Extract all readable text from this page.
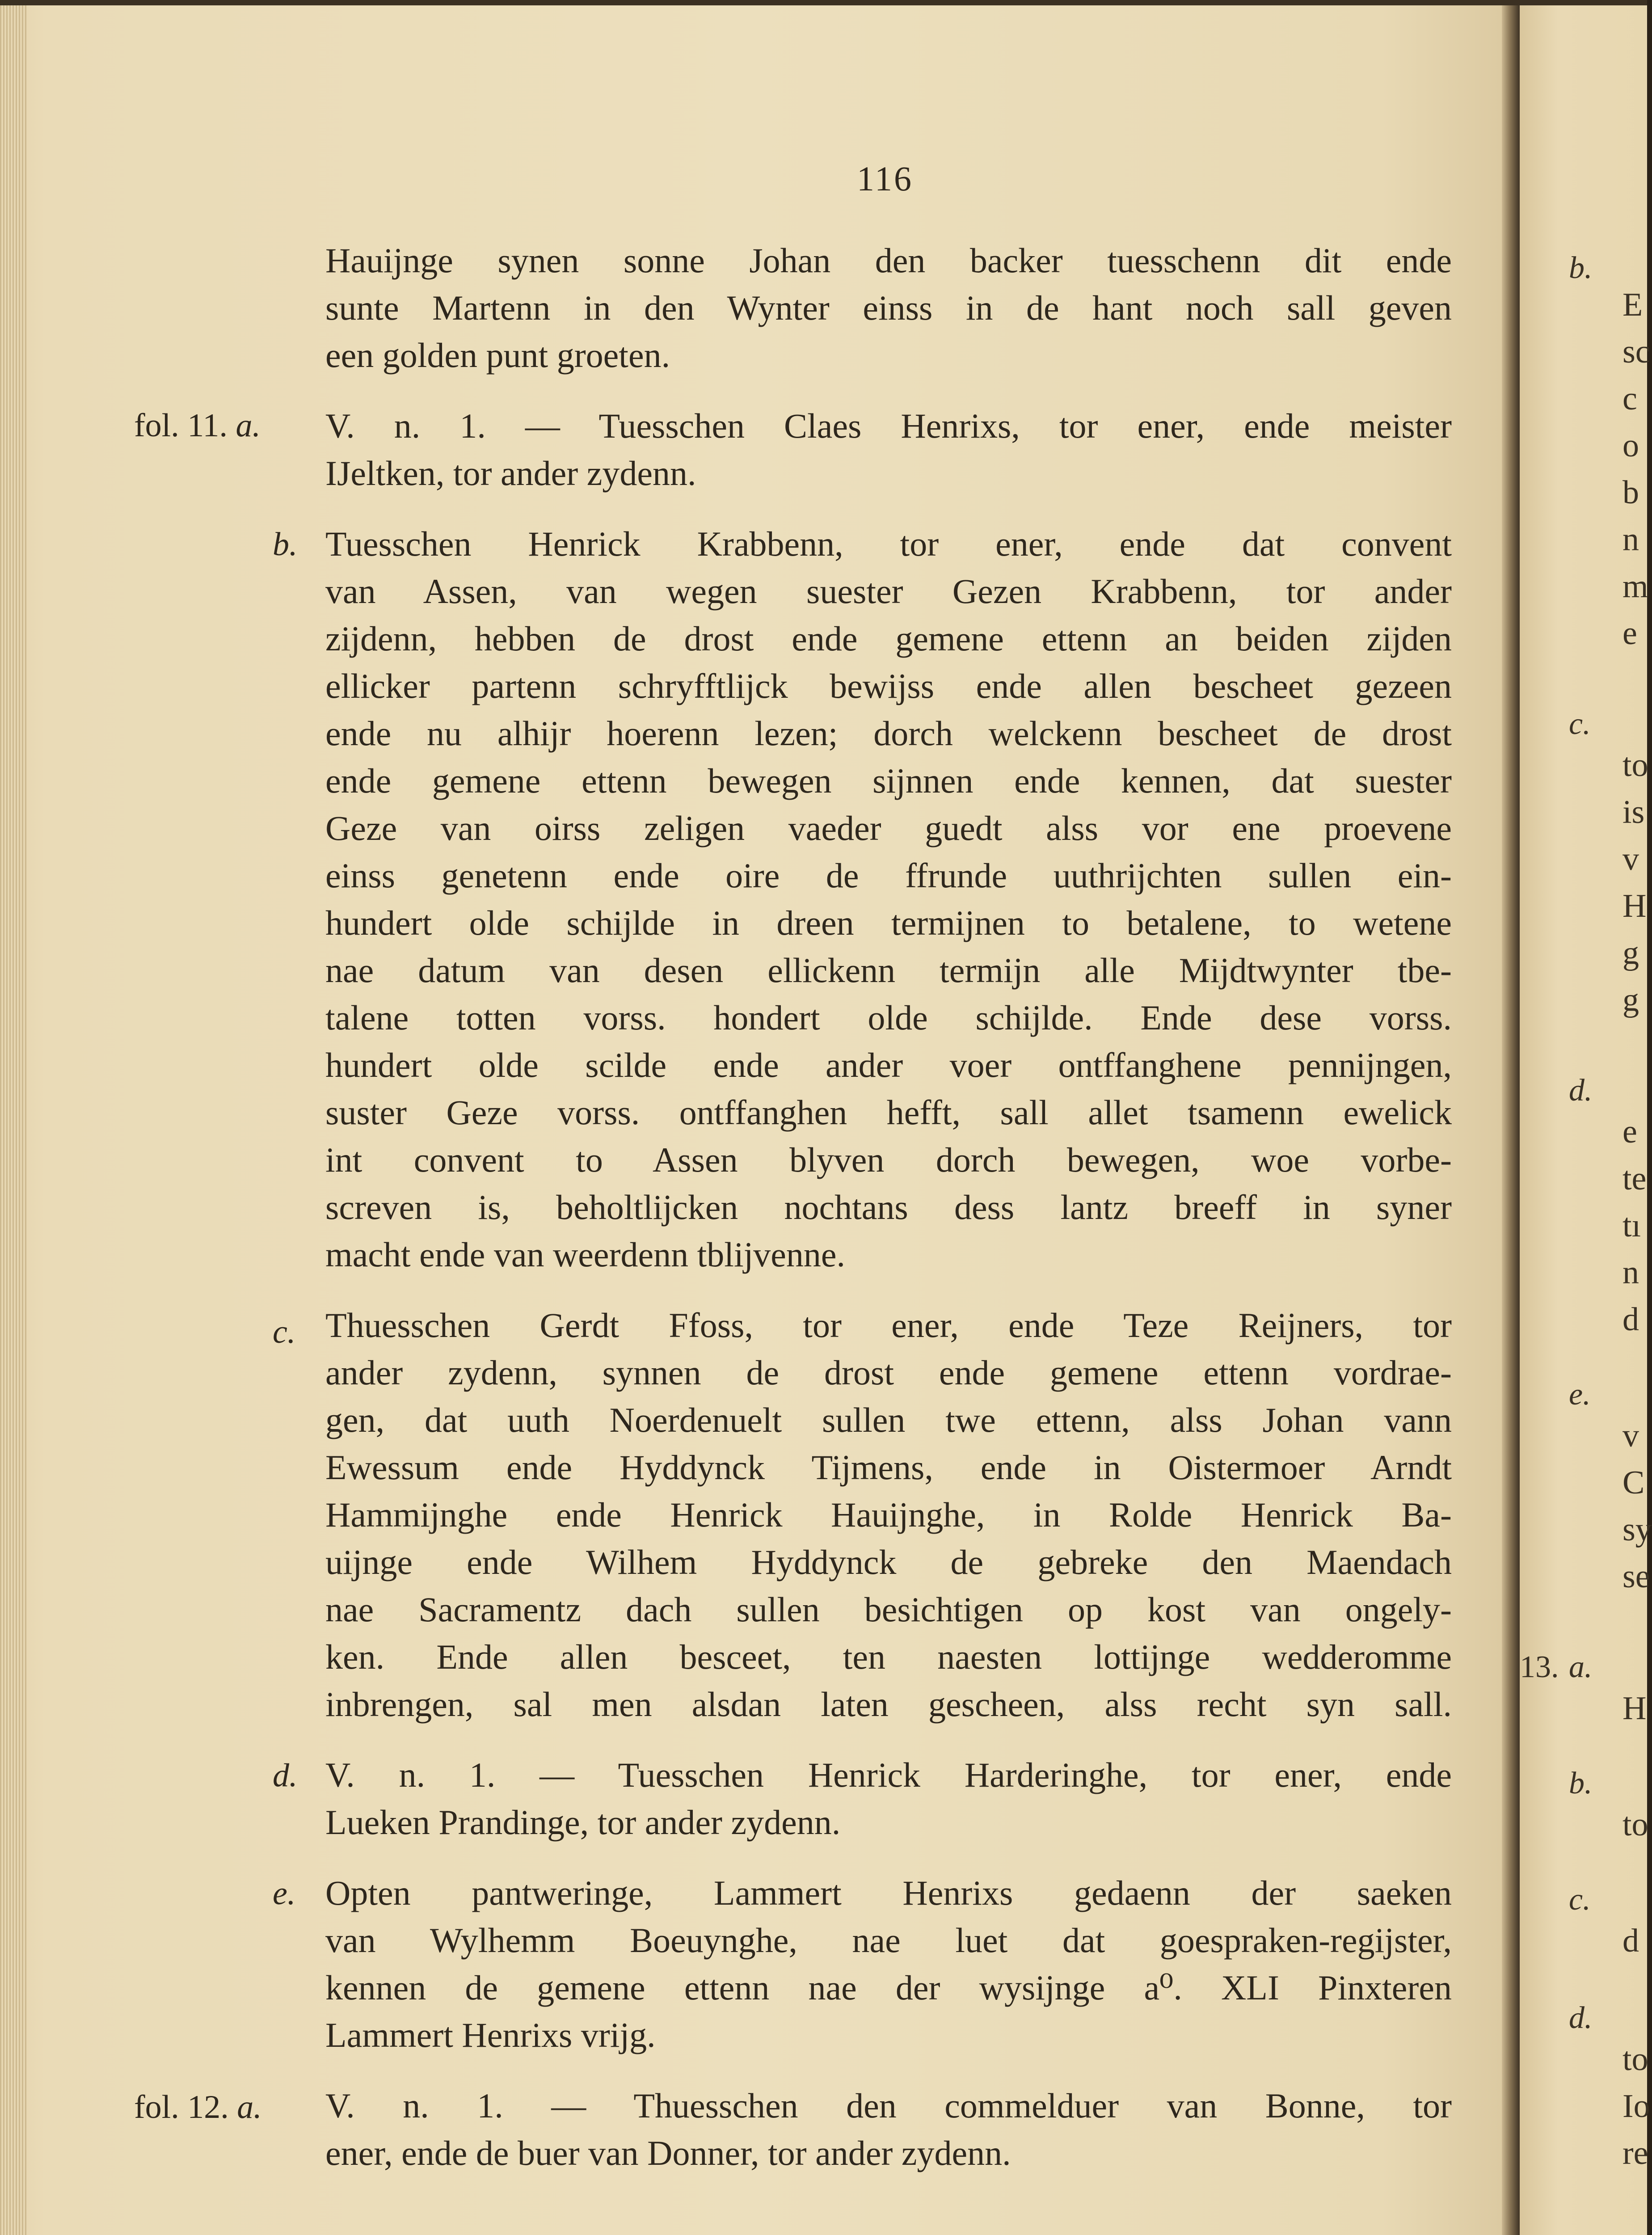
116
fol. 11. a.
b.
c.
d.
e.
fol. 12. a.
Hauijnge synen sonne Johan den backer tuesschenn dit ende
sunte Martenn in den Wynter einss in de hant noch sall geven
een golden punt groeten.
V. n. 1. — Tuesschen Claes Henrixs, tor ener, ende meister
IJeltken, tor ander zydenn.
Tuesschen Henrick Krabbenn, tor ener, ende dat convent
van Assen, van wegen suester Gezen Krabbenn, tor ander
zijdenn, hebben de drost ende gemene ettenn an beiden zijden
ellicker partenn schryfftlijck bewijss ende allen bescheet gezeen
ende nu alhijr hoerenn lezen; dorch welckenn bescheet de drost
ende gemene ettenn bewegen sijnnen ende kennen, dat suester
Geze van oirss zeligen vaeder guedt alss vor ene proevene
einss genetenn ende oire de ffrunde uuthrijchten sullen ein-
hundert olde schijlde in dreen termijnen to betalene, to wetene
nae datum van desen ellickenn termijn alle Mijdtwynter tbe-
talene totten vorss. hondert olde schijlde. Ende dese vorss.
hundert olde scilde ende ander voer ontffanghene pennijngen,
suster Geze vorss. ontffanghen hefft, sall allet tsamenn ewelick
int convent to Assen blyven dorch bewegen, woe vorbe-
screven is, beholtlijcken nochtans dess lantz breeff in syner
macht ende van weerdenn tblijvenne.
Thuesschen Gerdt Ffoss, tor ener, ende Teze Reijners, tor
ander zydenn, synnen de drost ende gemene ettenn vordrae-
gen, dat uuth Noerdenuelt sullen twe ettenn, alss Johan vann
Ewessum ende Hyddynck Tijmens, ende in Oistermoer Arndt
Hammijnghe ende Henrick Hauijnghe, in Rolde Henrick Ba-
uijnge ende Wilhem Hyddynck de gebreke den Maendach
nae Sacramentz dach sullen besichtigen op kost van ongely-
ken. Ende allen besceet, ten naesten lottijnge wedderomme
inbrengen, sal men alsdan laten gescheen, alss recht syn sall.
V. n. 1. — Tuesschen Henrick Harderinghe, tor ener, ende
Lueken Prandinge, tor ander zydenn.
Opten pantweringe, Lammert Henrixs gedaenn der saeken
van Wylhemm Boeuynghe, nae luet dat goespraken-regijster,
kennen de gemene ettenn nae der wysijnge a⁰. XLI Pinxteren
Lammert Henrixs vrijg.
V. n. 1. — Thuesschen den commelduer van Bonne, tor
ener, ende de buer van Donner, tor ander zydenn.
b.
c.
d.
e.
13. a.
b.
c.
d.
E
sc
c
o
b
n
m
e
to
is
v
H
g
g
e
te
tı
n
d
v
C
sy
se
H
to
d
to
Io
re
